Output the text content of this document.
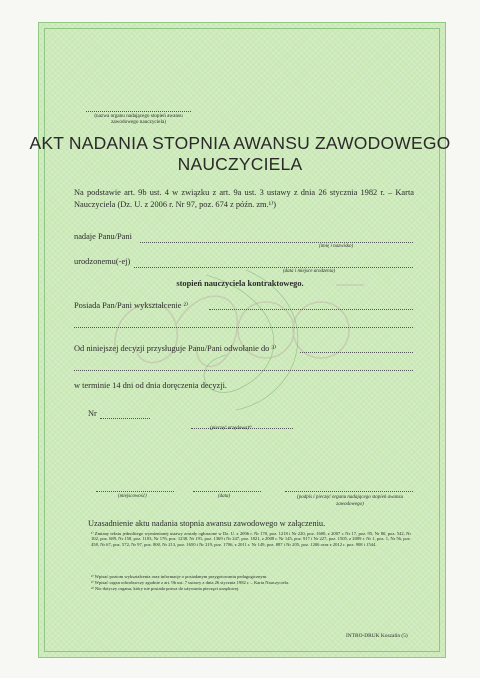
(nazwa organu nadającego stopień awansu zawodowego nauczyciela)
AKT NADANIA STOPNIA AWANSU ZAWODOWEGO NAUCZYCIELA
Na podstawie art. 9b ust. 4 w związku z art. 9a ust. 3 ustawy z dnia 26 stycznia 1982 r. – Karta Nauczyciela (Dz. U. z 2006 r. Nr 97, poz. 674 z późn. zm.¹⁾)
nadaje Panu/Pani
(imię i nazwisko)
urodzonemu(-ej)
(data i miejsce urodzenia)
stopień nauczyciela kontraktowego.
Posiada Pan/Pani wykształcenie ²⁾
Od niniejszej decyzji przysługuje Panu/Pani odwołanie do ³⁾
w terminie 14 dni od dnia doręczenia decyzji.
Nr
(pieczęć urzędowa)⁴⁾
(miejscowość)	(data)	(podpis i pieczęć organu nadającego stopień awansu zawodowego)
Uzasadnienie aktu nadania stopnia awansu zawodowego w załączeniu.
¹⁾ Zmiany tekstu jednolitego wymienionej ustawy zostały ogłoszone w Dz. U. z 2006 r. Nr 170, poz. 1218 i Nr 220, poz. 1600, z 2007 r. Nr 17, poz. 95, Nr 80, poz. 542, Nr 102, poz. 689, Nr 158, poz. 1103, Nr 176, poz. 1238, Nr 191, poz. 1369 i Nr 247, poz. 1821, z 2008 r. Nr 145, poz. 917 i Nr 227, poz. 1505, z 2009 r. Nr 1, poz. 1, Nr 56, poz. 458, Nr 67, poz. 572, Nr 97, poz. 800, Nr 213, poz. 1650 i Nr 219, poz. 1706, z 2011 r. Nr 149, poz. 887 i Nr 205, poz. 1206 oraz z 2012 r. poz. 908 i 1544.
²⁾ Wpisać poziom wykształcenia oraz informacje o posiadanym przygotowaniu pedagogicznym.
³⁾ Wpisać organ odwoławczy zgodnie z art. 9b ust. 7 ustawy z dnia 26 stycznia 1982 r. – Karta Nauczyciela.
⁴⁾ Nie dotyczy organu, który nie posiada prawa do używania pieczęci urzędowej.
INTRO-DRUK Koszalin (5)
